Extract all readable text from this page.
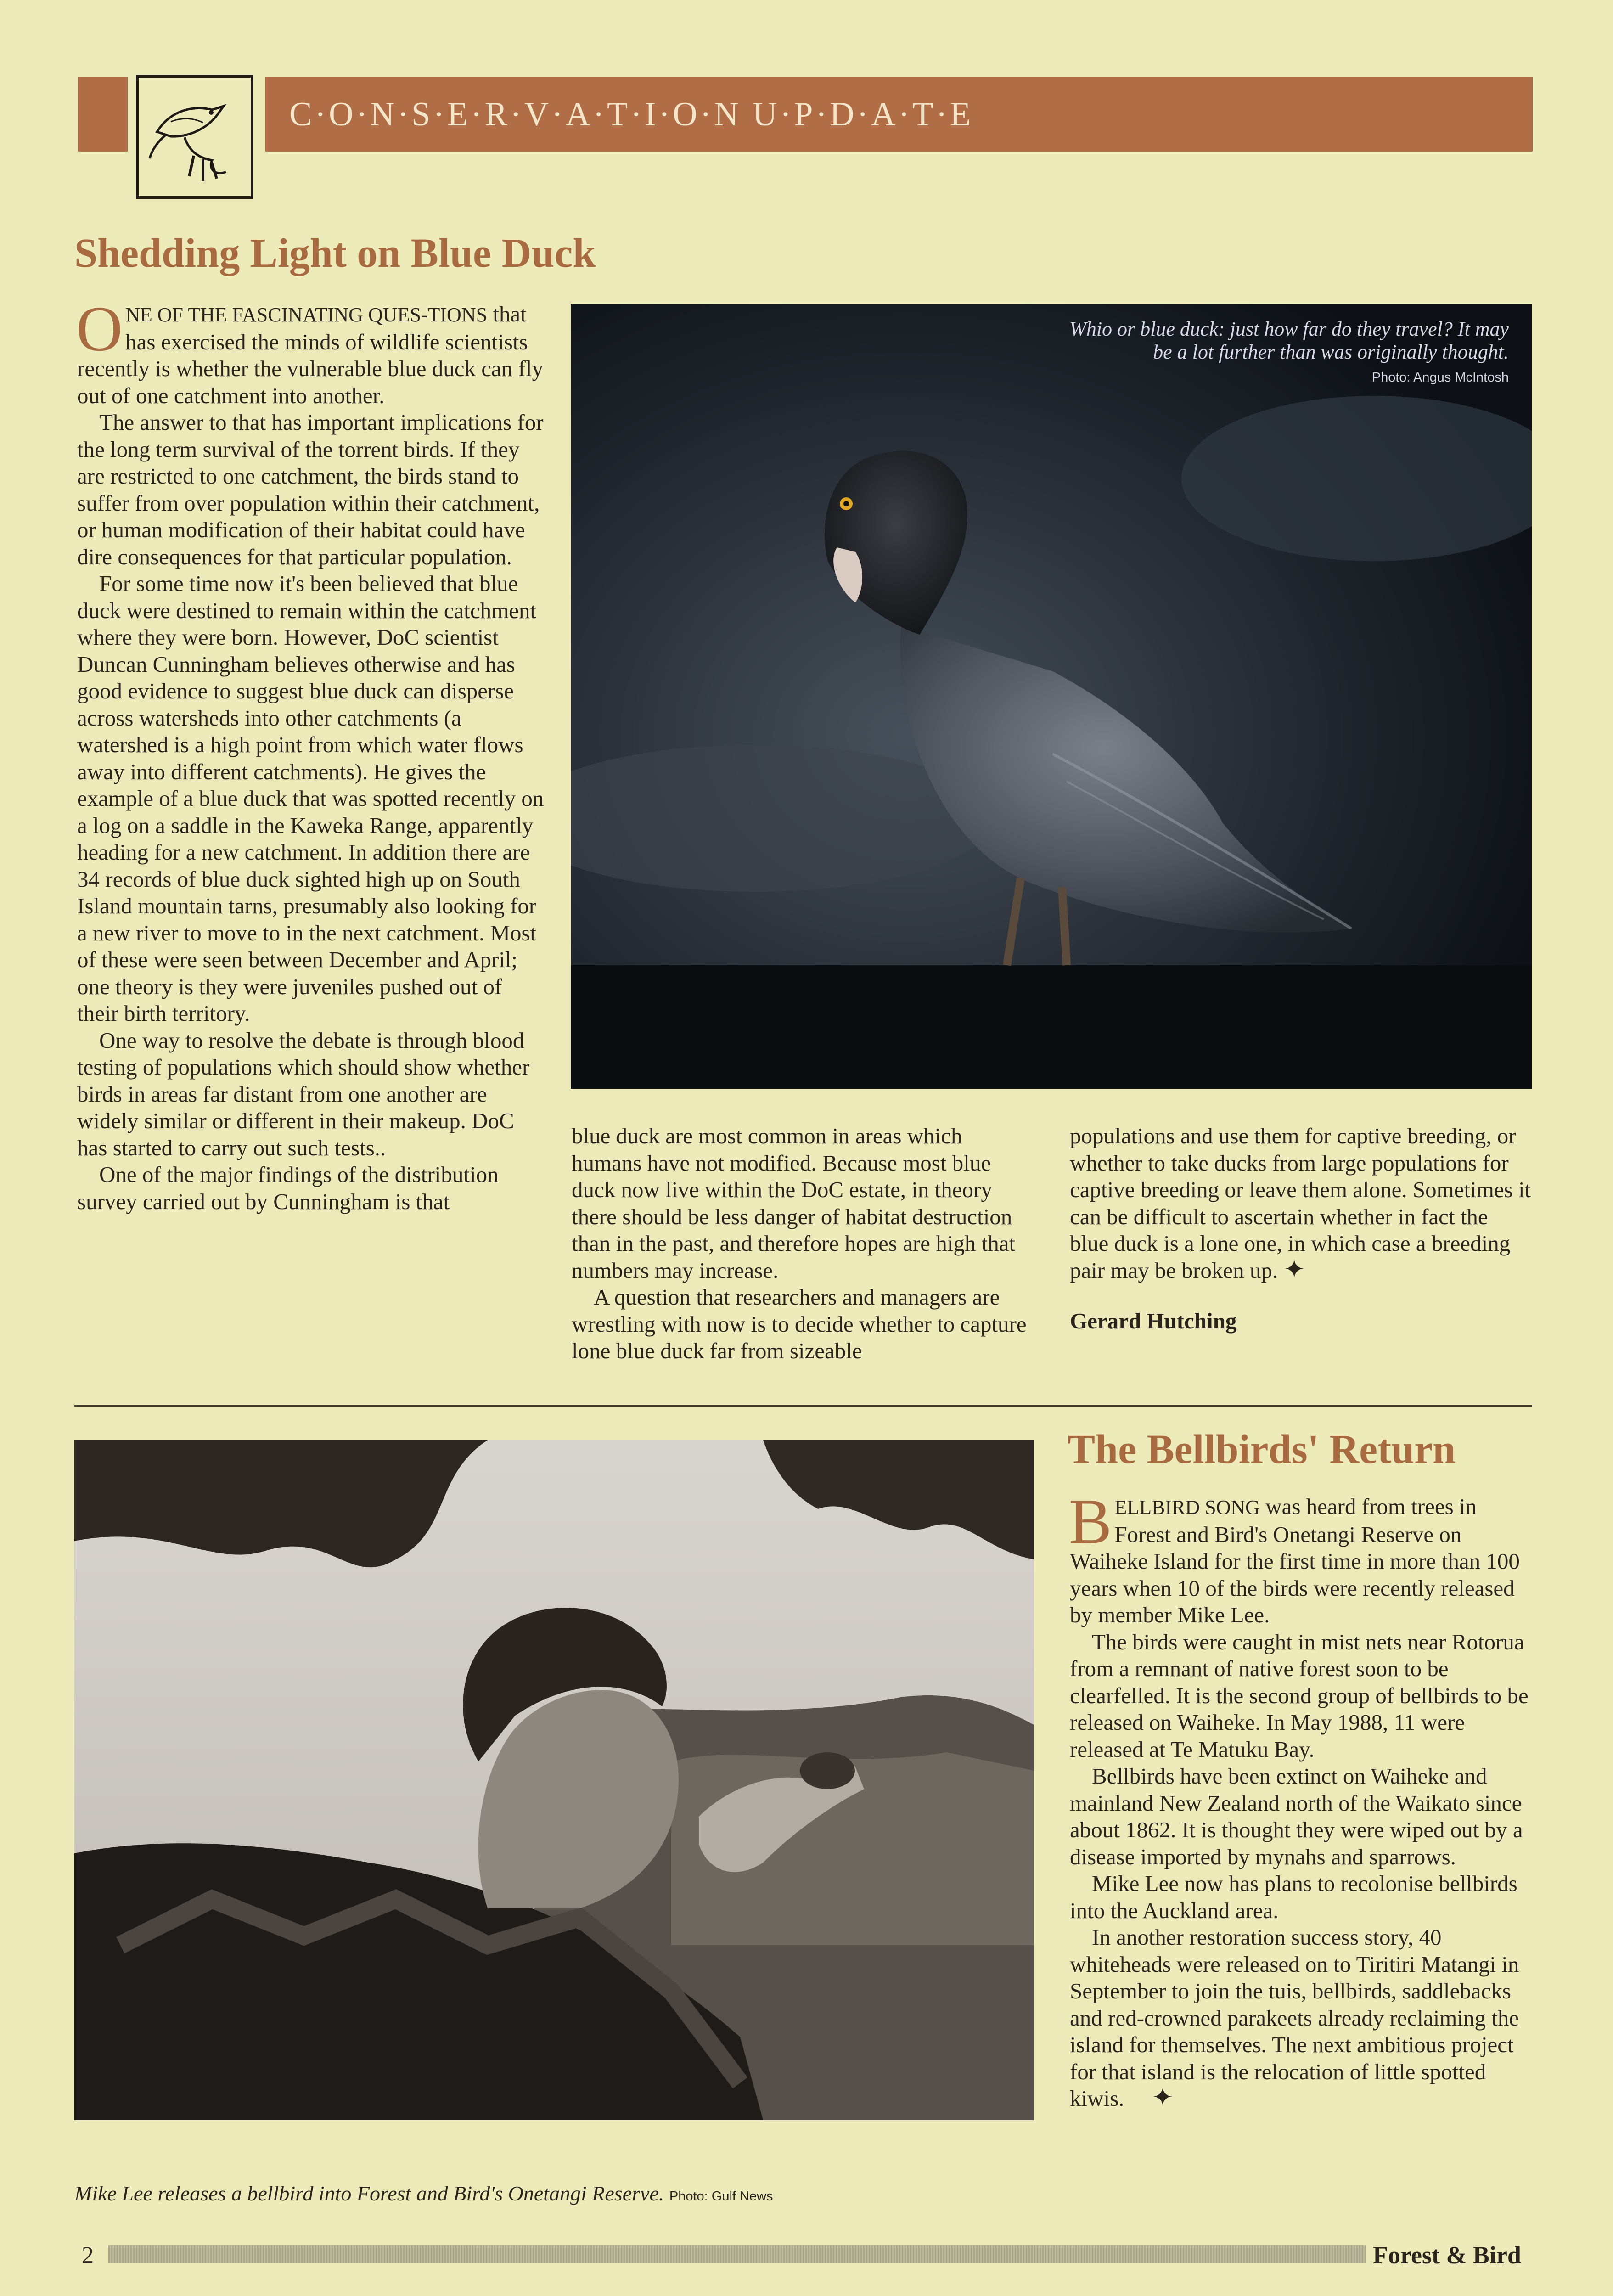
C·O·N·S·E·R·V·A·T·I·O·N U·P·D·A·T·E
Shedding Light on Blue Duck

ONE OF THE FASCINATING QUES-TIONS that has exercised the minds of wildlife scientists recently is whether the vulnerable blue duck can fly out of one catchment into another.

The answer to that has important implications for the long term survival of the torrent birds. If they are restricted to one catchment, the birds stand to suffer from over population within their catchment, or human modification of their habitat could have dire consequences for that particular population.

For some time now it's been believed that blue duck were destined to remain within the catchment where they were born. However, DoC scientist Duncan Cunningham believes otherwise and has good evidence to suggest blue duck can disperse across watersheds into other catchments (a watershed is a high point from which water flows away into different catchments). He gives the example of a blue duck that was spotted recently on a log on a saddle in the Kaweka Range, apparently heading for a new catchment. In addition there are 34 records of blue duck sighted high up on South Island mountain tarns, presumably also looking for a new river to move to in the next catchment. Most of these were seen between December and April; one theory is they were juveniles pushed out of their birth territory.

One way to resolve the debate is through blood testing of populations which should show whether birds in areas far distant from one another are widely similar or different in their makeup. DoC has started to carry out such tests..

One of the major findings of the distribution survey carried out by Cunningham is that

Whio or blue duck: just how far do they travel? It may be a lot further than was originally thought.
Photo: Angus McIntosh

blue duck are most common in areas which humans have not modified. Because most blue duck now live within the DoC estate, in theory there should be less danger of habitat destruction than in the past, and therefore hopes are high that numbers may increase.

A question that researchers and managers are wrestling with now is to decide whether to capture lone blue duck far from sizeable

populations and use them for captive breeding, or whether to take ducks from large populations for captive breeding or leave them alone. Sometimes it can be difficult to ascertain whether in fact the blue duck is a lone one, in which case a breeding pair may be broken up. ✦

Gerard Hutching

Mike Lee releases a bellbird into Forest and Bird's Onetangi Reserve. Photo: Gulf News
The Bellbirds' Return

BELLBIRD SONG was heard from trees in Forest and Bird's Onetangi Reserve on Waiheke Island for the first time in more than 100 years when 10 of the birds were recently released by member Mike Lee.

The birds were caught in mist nets near Rotorua from a remnant of native forest soon to be clearfelled. It is the second group of bellbirds to be released on Waiheke. In May 1988, 11 were released at Te Matuku Bay.

Bellbirds have been extinct on Waiheke and mainland New Zealand north of the Waikato since about 1862. It is thought they were wiped out by a disease imported by mynahs and sparrows.

Mike Lee now has plans to recolonise bellbirds into the Auckland area.

In another restoration success story, 40 whiteheads were released on to Tiritiri Matangi in September to join the tuis, bellbirds, saddlebacks and red-crowned parakeets already reclaiming the island for themselves. The next ambitious project for that island is the relocation of little spotted kiwis. ✦

2	Forest & Bird
